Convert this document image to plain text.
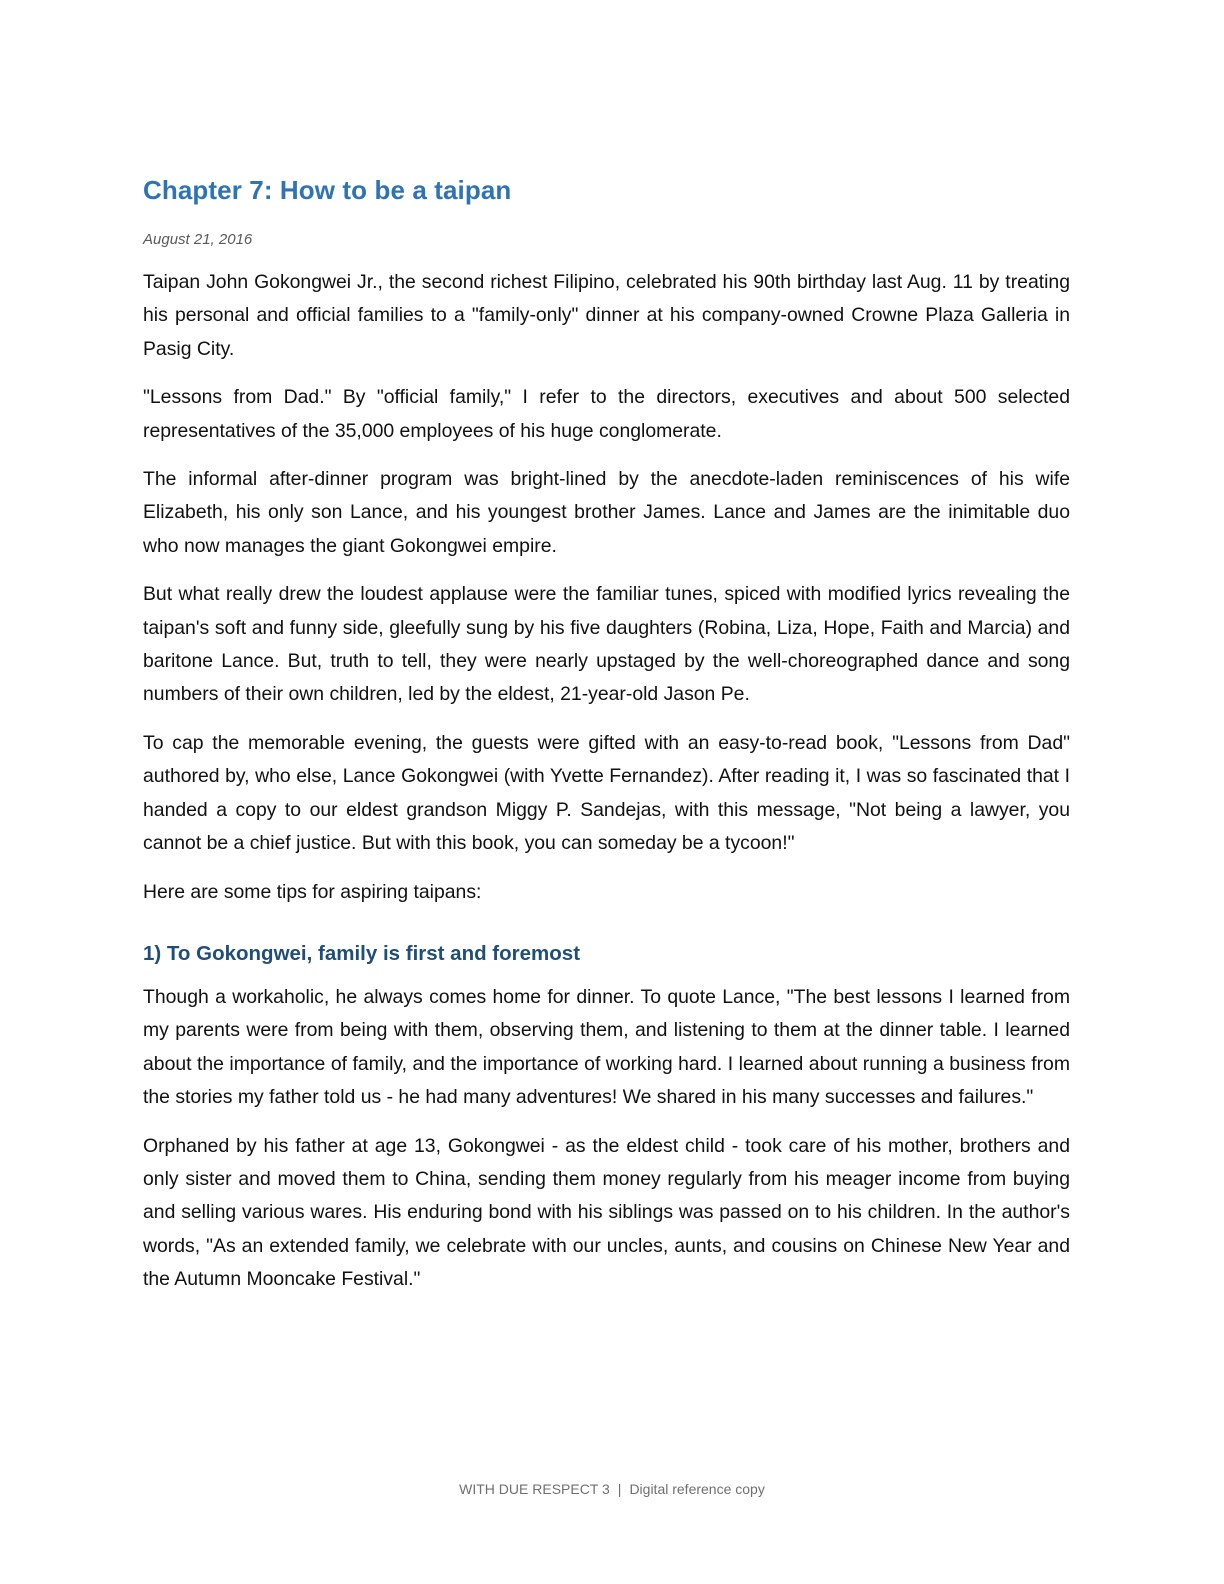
Chapter 7: How to be a taipan
August 21, 2016

Taipan John Gokongwei Jr., the second richest Filipino, celebrated his 90th birthday last Aug. 11 by treating his personal and official families to a "family-only" dinner at his company-owned Crowne Plaza Galleria in Pasig City.

"Lessons from Dad." By "official family," I refer to the directors, executives and about 500 selected representatives of the 35,000 employees of his huge conglomerate.

The informal after-dinner program was bright-lined by the anecdote-laden reminiscences of his wife Elizabeth, his only son Lance, and his youngest brother James. Lance and James are the inimitable duo who now manages the giant Gokongwei empire.

But what really drew the loudest applause were the familiar tunes, spiced with modified lyrics revealing the taipan's soft and funny side, gleefully sung by his five daughters (Robina, Liza, Hope, Faith and Marcia) and baritone Lance. But, truth to tell, they were nearly upstaged by the well-choreographed dance and song numbers of their own children, led by the eldest, 21-year-old Jason Pe.

To cap the memorable evening, the guests were gifted with an easy-to-read book, "Lessons from Dad" authored by, who else, Lance Gokongwei (with Yvette Fernandez). After reading it, I was so fascinated that I handed a copy to our eldest grandson Miggy P. Sandejas, with this message, "Not being a lawyer, you cannot be a chief justice. But with this book, you can someday be a tycoon!"

Here are some tips for aspiring taipans:

1) To Gokongwei, family is first and foremost

Though a workaholic, he always comes home for dinner. To quote Lance, "The best lessons I learned from my parents were from being with them, observing them, and listening to them at the dinner table. I learned about the importance of family, and the importance of working hard. I learned about running a business from the stories my father told us - he had many adventures! We shared in his many successes and failures."

Orphaned by his father at age 13, Gokongwei - as the eldest child - took care of his mother, brothers and only sister and moved them to China, sending them money regularly from his meager income from buying and selling various wares. His enduring bond with his siblings was passed on to his children. In the author's words, "As an extended family, we celebrate with our uncles, aunts, and cousins on Chinese New Year and the Autumn Mooncake Festival."

WITH DUE RESPECT 3 | Digital reference copy
